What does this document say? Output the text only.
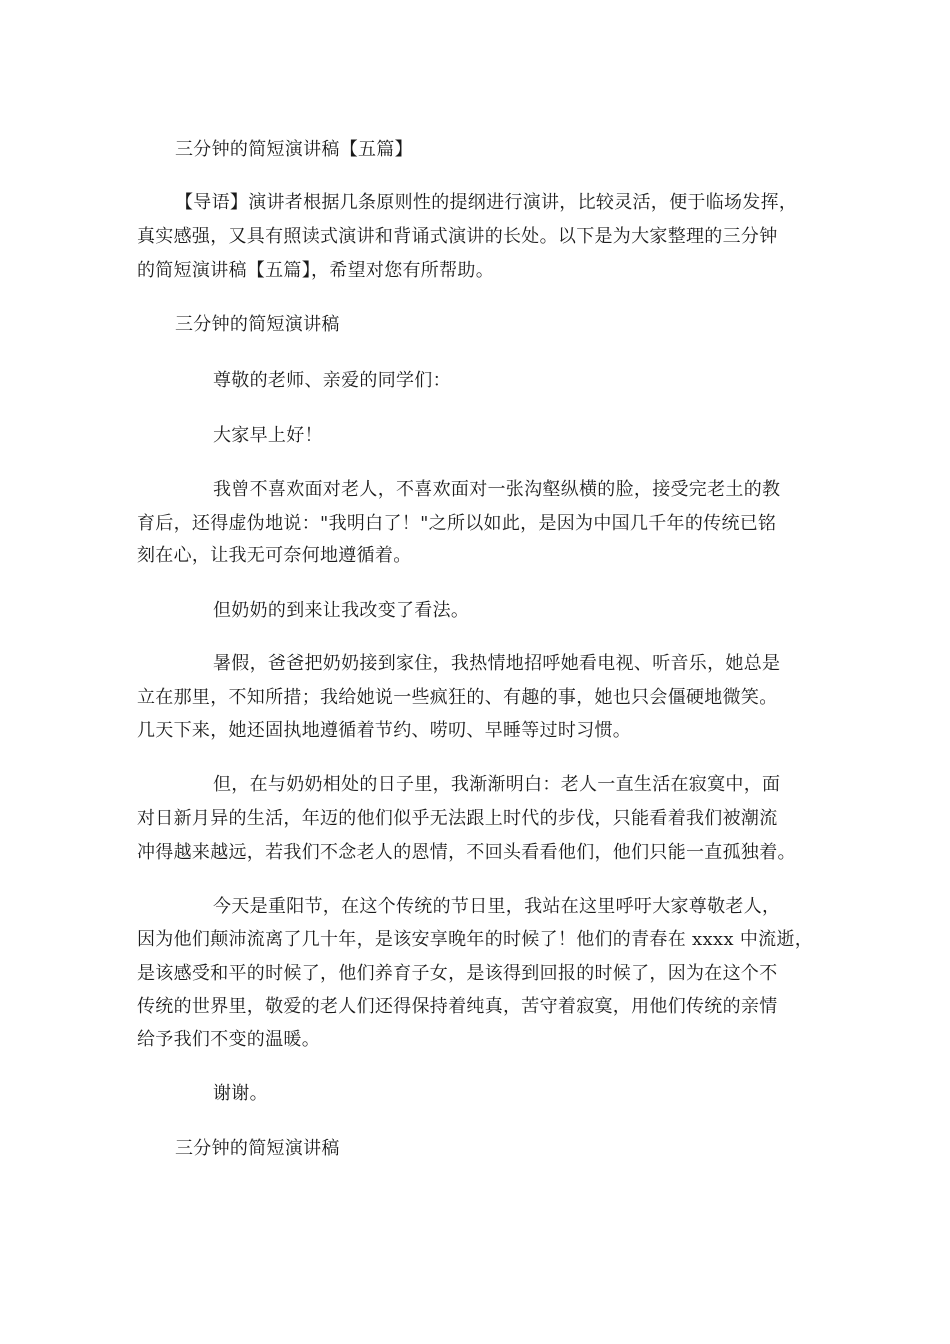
三分钟的简短演讲稿【五篇】
【导语】演讲者根据几条原则性的提纲进行演讲，比较灵活，便于临场发挥，
真实感强，又具有照读式演讲和背诵式演讲的长处。以下是为大家整理的三分钟
的简短演讲稿【五篇】，希望对您有所帮助。
三分钟的简短演讲稿
尊敬的老师、亲爱的同学们：
大家早上好！
我曾不喜欢面对老人，不喜欢面对一张沟壑纵横的脸，接受完老土的教
育后，还得虚伪地说："我明白了！"之所以如此，是因为中国几千年的传统已铭
刻在心，让我无可奈何地遵循着。
但奶奶的到来让我改变了看法。
暑假，爸爸把奶奶接到家住，我热情地招呼她看电视、听音乐，她总是
立在那里，不知所措；我给她说一些疯狂的、有趣的事，她也只会僵硬地微笑。
几天下来，她还固执地遵循着节约、唠叨、早睡等过时习惯。
但，在与奶奶相处的日子里，我渐渐明白：老人一直生活在寂寞中，面
对日新月异的生活，年迈的他们似乎无法跟上时代的步伐，只能看着我们被潮流
冲得越来越远，若我们不念老人的恩情，不回头看看他们，他们只能一直孤独着。
今天是重阳节，在这个传统的节日里，我站在这里呼吁大家尊敬老人，
因为他们颠沛流离了几十年，是该安享晚年的时候了！他们的青春在 xxxx 中流逝，
是该感受和平的时候了，他们养育子女，是该得到回报的时候了，因为在这个不
传统的世界里，敬爱的老人们还得保持着纯真，苦守着寂寞，用他们传统的亲情
给予我们不变的温暖。
谢谢。
三分钟的简短演讲稿
